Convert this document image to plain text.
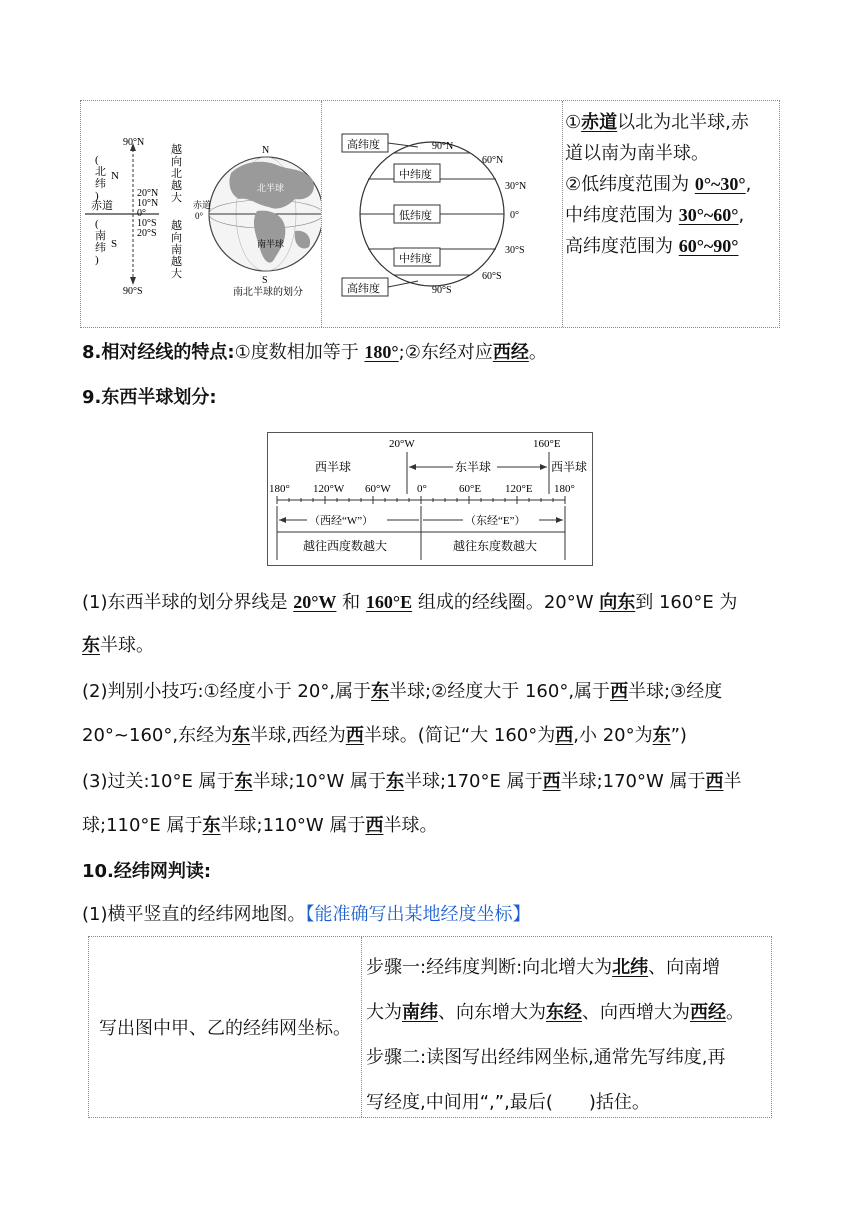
90°N
90°S
(
北
纬
)
N
赤道
(
南
纬
)
S
20°N
10°N
0°
10°S
20°S
越
向
北
越
大
越
向
南
越
大
N
S
赤道
0°
北半球
南半球
南北半球的划分
高纬度
中纬度
低纬度
中纬度
高纬度
90°N
60°N
30°N
0°
30°S
60°S
90°S
①赤道以北为北半球,赤
道以南为南半球。
②低纬度范围为 0°~30°,
中纬度范围为 30°~60°,
高纬度范围为 60°~90°
8.相对经线的特点:①度数相加等于 180°;②东经对应西经。
9.东西半球划分:
20°W	160°E
西半球	东半球	西半球
180° 120°W 60°W 0°	60°E 120°E 180°
（西经“W”）	（东经“E”）
越往西度数越大	越往东度数越大
(1)东西半球的划分界线是 20°W 和 160°E 组成的经线圈。20°W 向东到 160°E 为
东半球。
(2)判别小技巧:①经度小于 20°,属于东半球;②经度大于 160°,属于西半球;③经度
20°~160°,东经为东半球,西经为西半球。(简记“大 160°为西,小 20°为东”)
(3)过关:10°E 属于东半球;10°W 属于东半球;170°E 属于西半球;170°W 属于西半
球;110°E 属于东半球;110°W 属于西半球。
10.经纬网判读:
(1)横平竖直的经纬网地图。【能准确写出某地经度坐标】
写出图中甲、乙的经纬网坐标。
步骤一:经纬度判断:向北增大为北纬、向南增
大为南纬、向东增大为东经、向西增大为西经。
步骤二:读图写出经纬网坐标,通常先写纬度,再
写经度,中间用“,”,最后(　　)括住。
